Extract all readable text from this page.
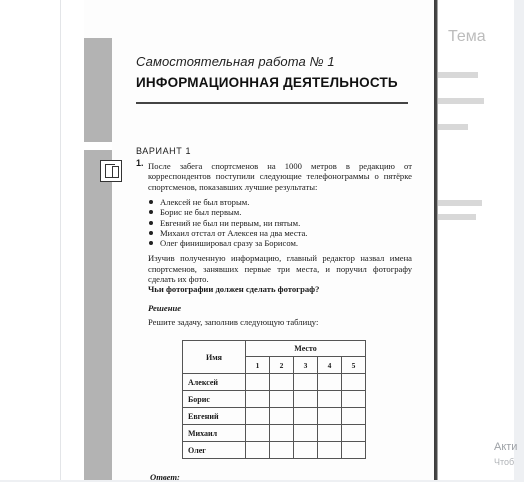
Тема
Акти
Чтоб

Самостоятельная работа № 1

ИНФОРМАЦИОННАЯ ДЕЯТЕЛЬНОСТЬ

ВАРИАНТ 1
1. После забега спортсменов на 1000 метров в редакцию от корреспондентов поступили следующие телефонограммы о пятёрке спортсменов, показавших лучшие результаты:
Алексей не был вторым.
Борис не был первым.
Евгений не был ни первым, ни пятым.
Михаил отстал от Алексея на два места.
Олег финишировал сразу за Борисом.
Изучив полученную информацию, главный редактор назвал имена спортсменов, занявших первые три места, и поручил фотографу сделать их фото.
Чьи фотографии должен сделать фотограф?
Решение
Решите задачу, заполнив следующую таблицу:
Имя	Место				
	1	2	3	4	5
Алексей					
Борис					
Евгений					
Михаил					
Олег					
Ответ:
